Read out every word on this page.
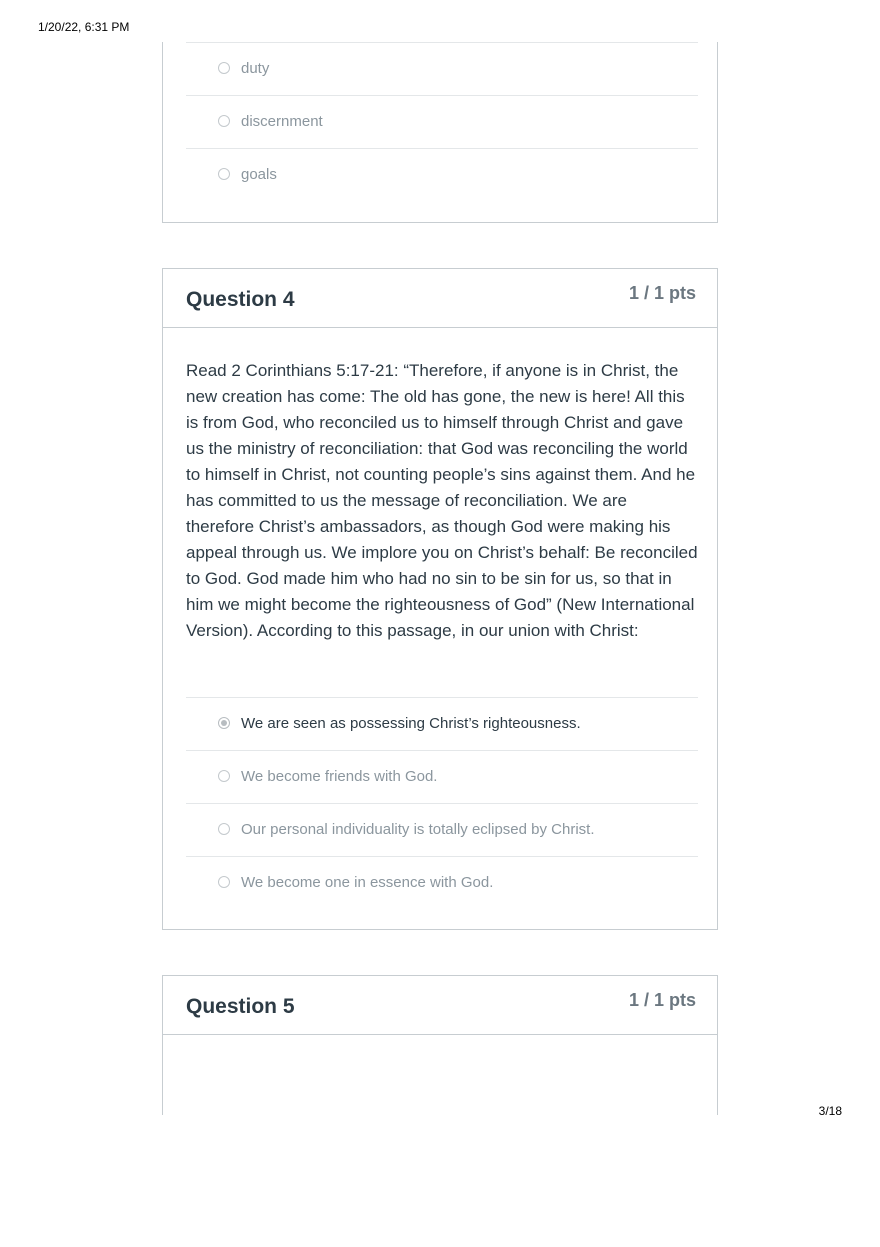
1/20/22, 6:31 PM
duty
discernment
goals
Question 4	1 / 1 pts
Read 2 Corinthians 5:17-21: “Therefore, if anyone is in Christ, the new creation has come: The old has gone, the new is here! All this is from God, who reconciled us to himself through Christ and gave us the ministry of reconciliation: that God was reconciling the world to himself in Christ, not counting people’s sins against them. And he has committed to us the message of reconciliation. We are therefore Christ’s ambassadors, as though God were making his appeal through us. We implore you on Christ’s behalf: Be reconciled to God. God made him who had no sin to be sin for us, so that in him we might become the righteousness of God” (New International Version). According to this passage, in our union with Christ:
We are seen as possessing Christ’s righteousness.
We become friends with God.
Our personal individuality is totally eclipsed by Christ.
We become one in essence with God.
Question 5	1 / 1 pts
3/18
